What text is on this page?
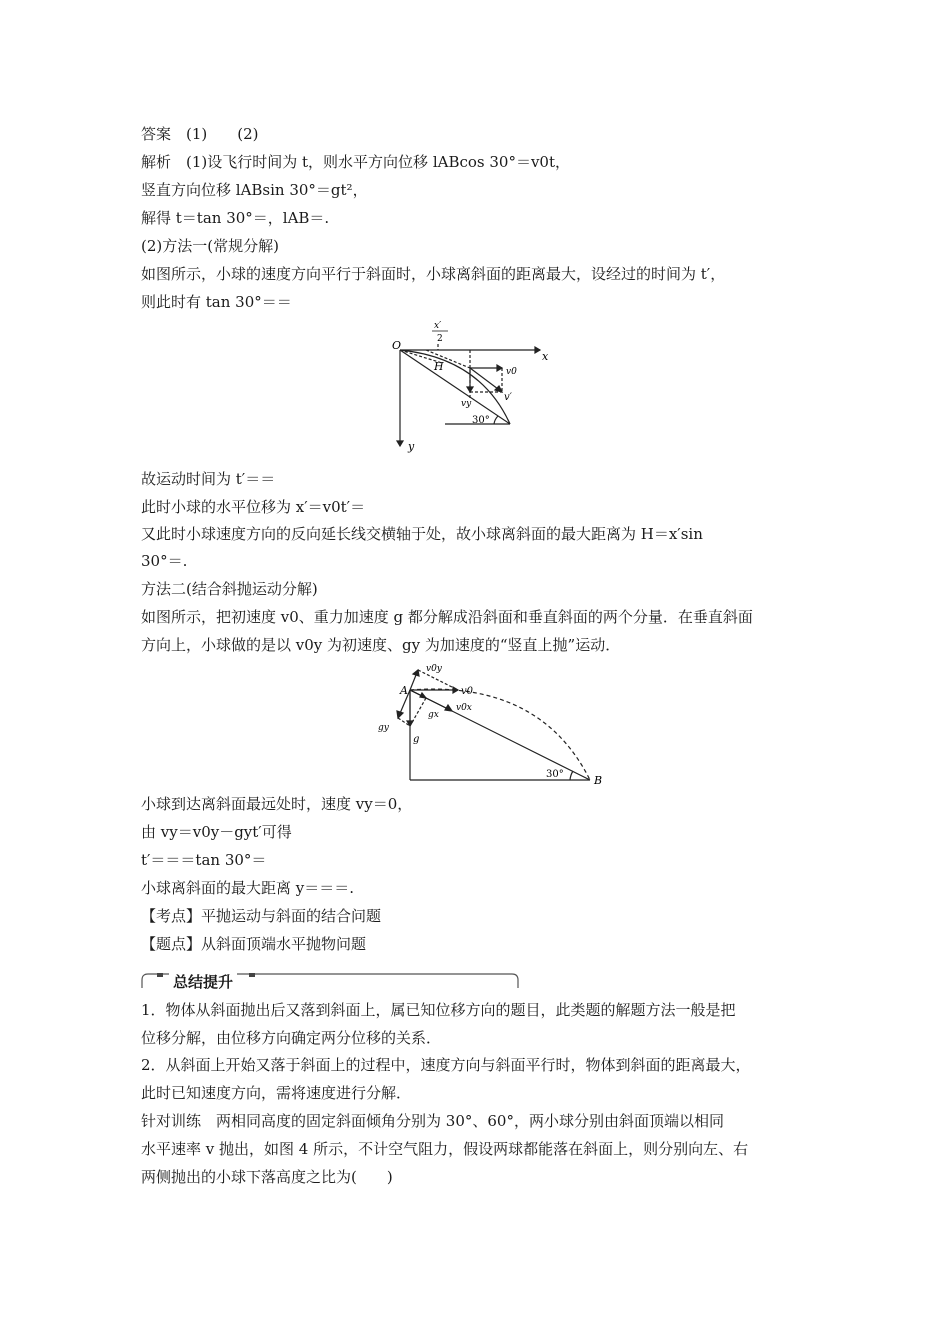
答案　(1)　　(2)
解析　(1)设飞行时间为 t，则水平方向位移 lABcos 30°＝v0t，
竖直方向位移 lABsin 30°＝gt²，
解得 t＝tan 30°＝，lAB＝.
(2)方法一(常规分解)
如图所示，小球的速度方向平行于斜面时，小球离斜面的距离最大，设经过的时间为 t′，
则此时有 tan 30°＝＝
O
x
y
H	v0
v′
vy
30°
x′
2
故运动时间为 t′＝＝
此时小球的水平位移为 x′＝v0t′＝
又此时小球速度方向的反向延长线交横轴于处，故小球离斜面的最大距离为 H＝x′sin
30°＝.
方法二(结合斜抛运动分解)
如图所示，把初速度 v0、重力加速度 g 都分解成沿斜面和垂直斜面的两个分量．在垂直斜面
方向上，小球做的是以 v0y 为初速度、gy 为加速度的“竖直上抛”运动．
A
B
v0y
v0
v0x
gx
gy
g
30°
小球到达离斜面最远处时，速度 vy＝0，
由 vy＝v0y－gyt′可得
t′＝＝＝tan 30°＝
小球离斜面的最大距离 y＝＝＝.
【考点】平抛运动与斜面的结合问题
【题点】从斜面顶端水平抛物问题
总结提升
1．物体从斜面抛出后又落到斜面上，属已知位移方向的题目，此类题的解题方法一般是把
位移分解，由位移方向确定两分位移的关系．
2．从斜面上开始又落于斜面上的过程中，速度方向与斜面平行时，物体到斜面的距离最大，
此时已知速度方向，需将速度进行分解．
针对训练　两相同高度的固定斜面倾角分别为 30°、60°，两小球分别由斜面顶端以相同
水平速率 v 抛出，如图 4 所示，不计空气阻力，假设两球都能落在斜面上，则分别向左、右
两侧抛出的小球下落高度之比为(　　)
